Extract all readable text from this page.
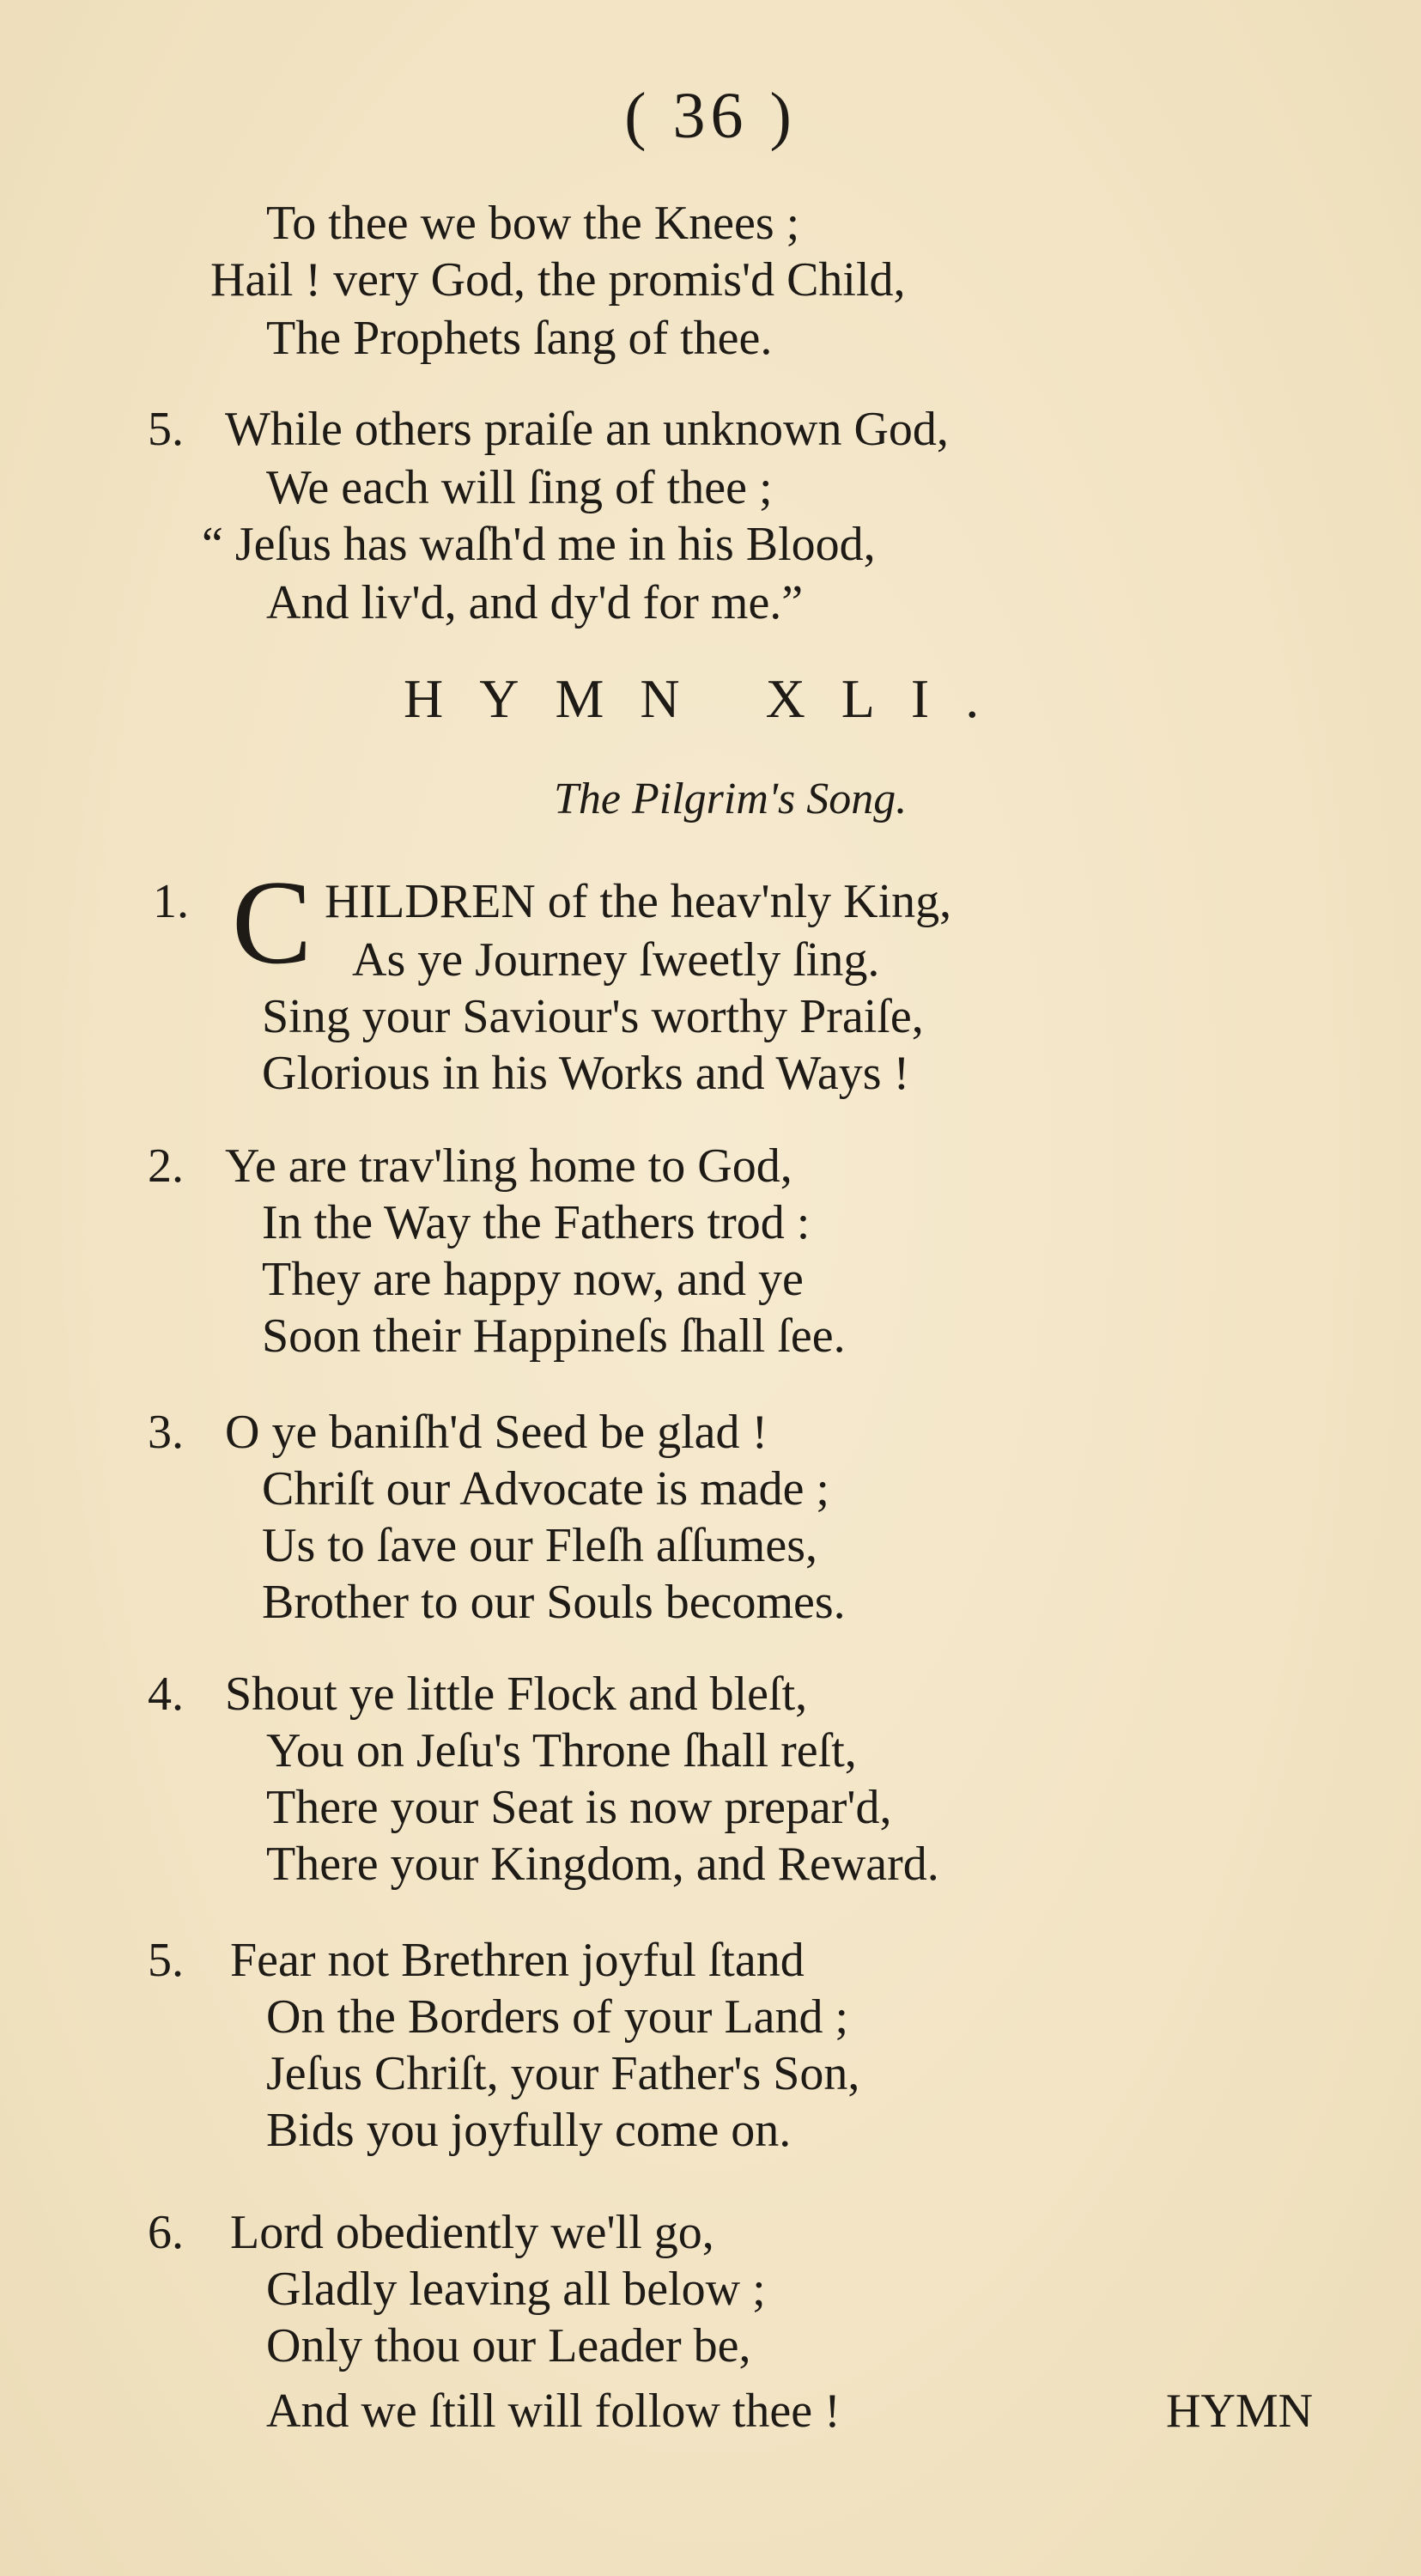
( 36 )
To thee we bow the Knees ;
Hail ! very God, the promis'd Child,
The Prophets ſang of thee.
5. While others praiſe an unknown God,
We each will ſing of thee ;
“ Jeſus has waſh'd me in his Blood,
And liv'd, and dy'd for me.”
HYMN XLI.
The Pilgrim's Song.
1. C HILDREN of the heav'nly King,
As ye Journey ſweetly ſing.
Sing your Saviour's worthy Praiſe,
Glorious in his Works and Ways !
2. Ye are trav'ling home to God,
In the Way the Fathers trod :
They are happy now, and ye
Soon their Happineſs ſhall ſee.
3. O ye baniſh'd Seed be glad !
Chriſt our Advocate is made ;
Us to ſave our Fleſh aſſumes,
Brother to our Souls becomes.
4. Shout ye little Flock and bleſt,
You on Jeſu's Throne ſhall reſt,
There your Seat is now prepar'd,
There your Kingdom, and Reward.
5. Fear not Brethren joyful ſtand
On the Borders of your Land ;
Jeſus Chriſt, your Father's Son,
Bids you joyfully come on.
6. Lord obediently we'll go,
Gladly leaving all below ;
Only thou our Leader be,
And we ſtill will follow thee !	HYMN
